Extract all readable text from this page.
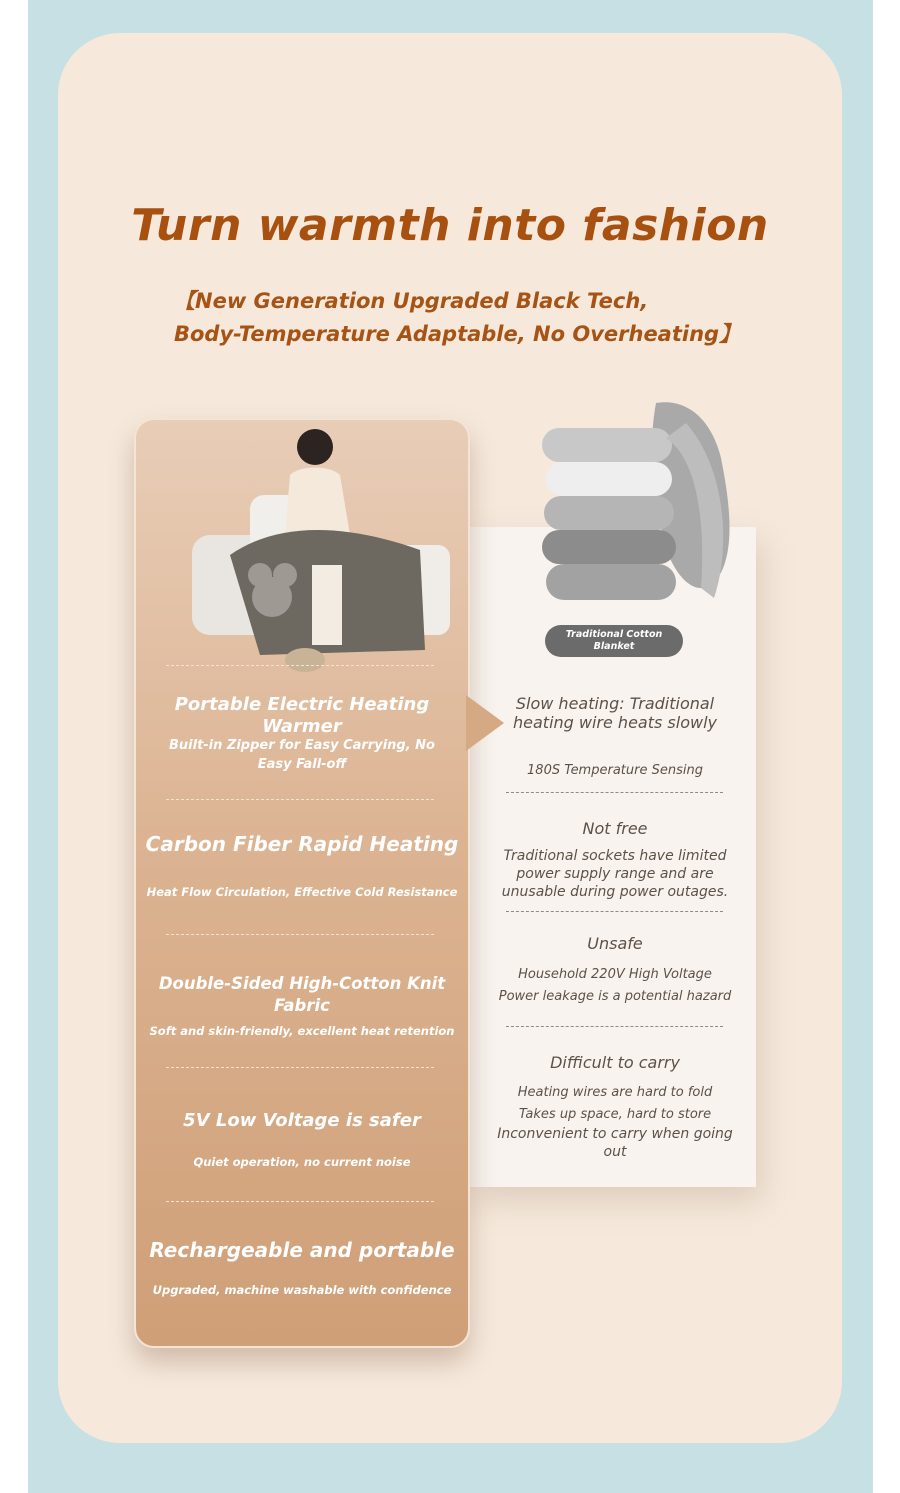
Turn warmth into fashion
【New Generation Upgraded Black Tech,
Body-Temperature Adaptable, No Overheating】
Traditional Cotton Blanket
Slow heating: Traditional heating wire heats slowly
180S Temperature Sensing
Not free
Traditional sockets have limited power supply range and are unusable during power outages.
Unsafe
Household 220V High Voltage
Power leakage is a potential hazard
Difficult to carry
Heating wires are hard to fold
Takes up space, hard to store
Inconvenient to carry when going out
Portable Electric Heating Warmer
Built-in Zipper for Easy Carrying, No Easy Fall-off
Carbon Fiber Rapid Heating
Heat Flow Circulation, Effective Cold Resistance
Double-Sided High-Cotton Knit Fabric
Soft and skin-friendly, excellent heat retention
5V Low Voltage is safer
Quiet operation, no current noise
Rechargeable and portable
Upgraded, machine washable with confidence
